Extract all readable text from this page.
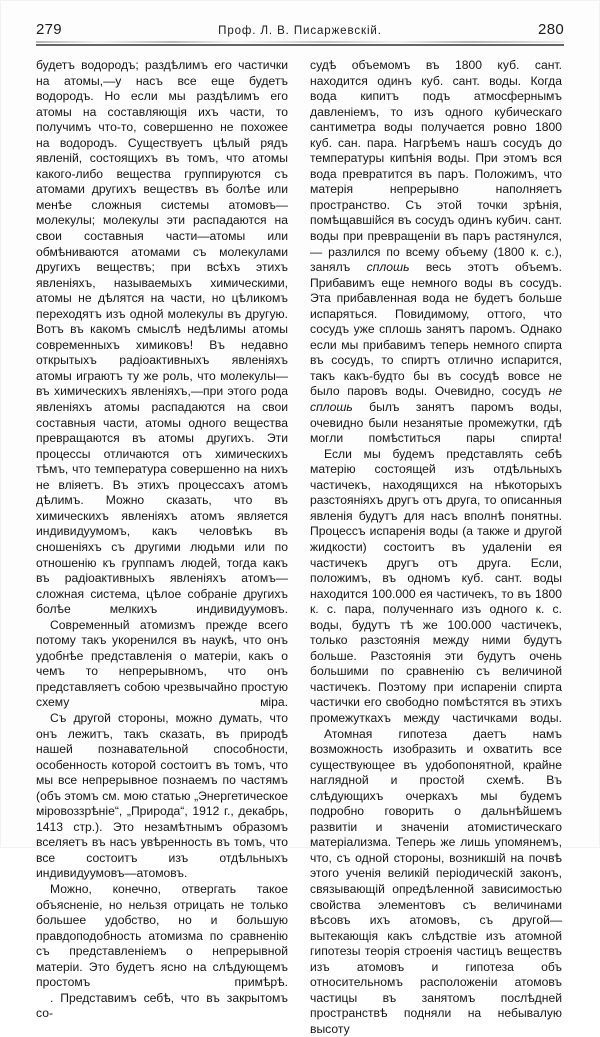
279	Проф. Л. В. Писаржевскій.	280

будетъ водородъ; раздѣлимъ его частички на атомы,—у насъ все еще будетъ водородъ. Но если мы раздѣлимъ его атомы на составляющія ихъ части, то получимъ что-то, совершенно не похожее на водородъ. Существуетъ цѣлый рядъ явленій, состоящихъ въ томъ, что атомы какого-либо вещества группируются съ атомами другихъ веществъ въ болѣе или менѣе сложныя системы атомовъ—молекулы; молекулы эти распадаются на свои составныя части—атомы или обмѣниваются атомами съ молекулами другихъ веществъ; при всѣхъ этихъ явленіяхъ, называемыхъ химическими, атомы не дѣлятся на части, но цѣликомъ переходятъ изъ одной молекулы въ другую. Вотъ въ какомъ смыслѣ недѣлимы атомы современныхъ химиковъ! Въ недавно открытыхъ радіоактивныхъ явленіяхъ атомы играютъ ту же роль, что молекулы—въ химическихъ явленіяхъ,—при этого рода явленіяхъ атомы распадаются на свои составныя части, атомы одного вещества превращаются въ атомы другихъ. Эти процессы отличаются отъ химическихъ тѣмъ, что температура совершенно на нихъ не вліяетъ. Въ этихъ процессахъ атомъ дѣлимъ. Можно сказать, что въ химическихъ явленіяхъ атомъ является индивидуумомъ, какъ человѣкъ въ сношеніяхъ съ другими людьми или по отношенію къ группамъ людей, тогда какъ въ радіоактивныхъ явленіяхъ атомъ—сложная система, цѣлое собраніе другихъ болѣе мелкихъ индивидуумовъ.

Современный атомизмъ прежде всего потому такъ укоренился въ наукѣ, что онъ удобнѣе представленія о матеріи, какъ о чемъ то непрерывномъ, что онъ представляетъ собою чрезвычайно простую схему міра.

Съ другой стороны, можно думать, что онъ лежитъ, такъ сказать, въ природѣ нашей познавательной способности, особенность которой состоитъ въ томъ, что мы все непрерывное познаемъ по частямъ (объ этомъ см. мою статью „Энергетическое міровоззрѣніе“, „Природа“, 1912 г., декабрь, 1413 стр.). Это незамѣтнымъ образомъ вселяетъ въ насъ увѣренность въ томъ, что все состоитъ изъ отдѣльныхъ индивидуумовъ—атомовъ.

Можно, конечно, отвергать такое объясненіе, но нельзя отрицать не только большее удобство, но и большую правдоподобность атомизма по сравненію съ представленіемъ о непрерывной матеріи. Это будетъ ясно на слѣдующемъ простомъ примѣрѣ.

. Представимъ себѣ, что въ закрытомъ со-

судѣ объемомъ въ 1800 куб. сант. находится одинъ куб. сант. воды. Когда вода кипитъ подъ атмосфернымъ давленіемъ, то изъ одного кубическаго сантиметра воды получается ровно 1800 куб. сан. пара. Нагрѣемъ нашъ сосудъ до температуры кипѣнія воды. При этомъ вся вода превратится въ паръ. Положимъ, что матерія непрерывно наполняетъ пространство. Съ этой точки зрѣнія, помѣщавшійся въ сосудъ одинъ кубич. сант. воды при превращеніи въ паръ растянулся, — разлился по всему объему (1800 к. с.), занялъ сплошь весь этотъ объемъ. Прибавимъ еще немного воды въ сосудъ. Эта прибавленная вода не будетъ больше испаряться. Повидимому, оттого, что сосудъ уже сплошь занятъ паромъ. Однако если мы прибавимъ теперь немного спирта въ сосудъ, то спиртъ отлично испарится, такъ какъ-будто бы въ сосудѣ вовсе не было паровъ воды. Очевидно, сосудъ не сплошь былъ занятъ паромъ воды, очевидно были незанятые промежутки, гдѣ могли помѣститься пары спирта!

Если мы будемъ представлять себѣ матерію состоящей изъ отдѣльныхъ частичекъ, находящихся на нѣкоторыхъ разстояніяхъ другъ отъ друга, то описанныя явленія будутъ для насъ вполнѣ понятны. Процессъ испаренія воды (а также и другой жидкости) состоитъ въ удаленіи ея частичекъ другъ отъ друга. Если, положимъ, въ одномъ куб. сант. воды находится 100.000 ея частичекъ, то въ 1800 к. с. пара, полученнаго изъ одного к. с. воды, будутъ тѣ же 100.000 частичекъ, только разстоянія между ними будутъ больше. Разстоянія эти будутъ очень большими по сравненію съ величиной частичекъ. Поэтому при испареніи спирта частички его свободно помѣстятся въ этихъ промежуткахъ между частичками воды.

Атомная гипотеза даетъ намъ возможность изобразить и охватить все существующее въ удобопонятной, крайне наглядной и простой схемѣ. Въ слѣдующихъ очеркахъ мы будемъ подробно говорить о дальнѣйшемъ развитіи и значеніи атомистическаго матеріализма. Теперь же лишь упомянемъ, что, съ одной стороны, возникшій на почвѣ этого ученія великій періодическій законъ, связывающій опредѣленной зависимостью свойства элементовъ съ величинами вѣсовъ ихъ атомовъ, съ другой—вытекающія какъ слѣдствіе изъ атомной гипотезы теорія строенія частицъ веществъ изъ атомовъ и гипотеза объ относительномъ расположеніи атомовъ частицы въ занятомъ послѣдней пространствѣ подняли на небывалую высоту
